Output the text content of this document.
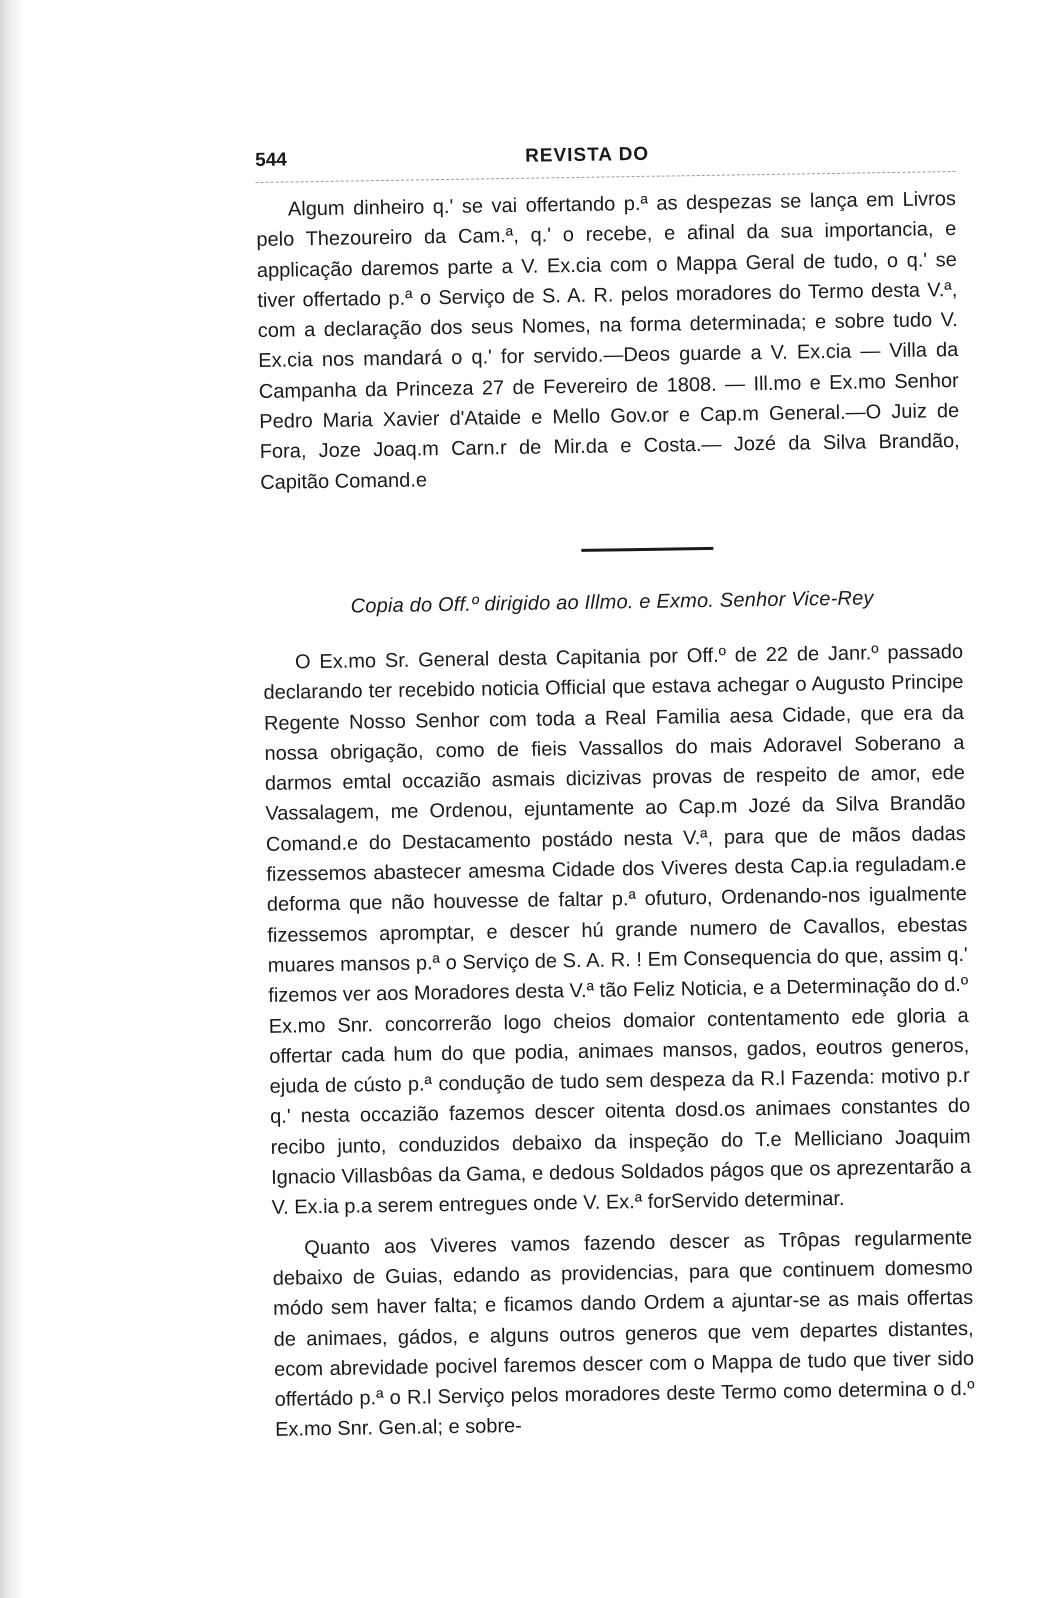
544	REVISTA DO

Algum dinheiro q.' se vai offertando p.ª as despezas se lança em Livros pelo Thezoureiro da Cam.ª, q.' o recebe, e afinal da sua importancia, e applicação daremos parte a V. Ex.cia com o Mappa Geral de tudo, o q.' se tiver offertado p.ª o Serviço de S. A. R. pelos moradores do Termo desta V.ª, com a declaração dos seus Nomes, na forma determinada; e sobre tudo V. Ex.cia nos mandará o q.' for servido.—Deos guarde a V. Ex.cia — Villa da Campanha da Princeza 27 de Fevereiro de 1808. — Ill.mo e Ex.mo Senhor Pedro Maria Xavier d'Ataide e Mello Gov.or e Cap.m General.—O Juiz de Fora, Joze Joaq.m Carn.r de Mir.da e Costa.— Jozé da Silva Brandão, Capitão Comand.e

Copia do Off.º dirigido ao Illmo. e Exmo. Senhor Vice-Rey

O Ex.mo Sr. General desta Capitania por Off.º de 22 de Janr.º passado declarando ter recebido noticia Official que estava achegar o Augusto Principe Regente Nosso Senhor com toda a Real Familia aesa Cidade, que era da nossa obrigação, como de fieis Vassallos do mais Adoravel Soberano a darmos emtal occazião asmais dicizivas provas de respeito de amor, ede Vassalagem, me Ordenou, ejuntamente ao Cap.m Jozé da Silva Brandão Comand.e do Destacamento postádo nesta V.ª, para que de mãos dadas fizessemos abastecer amesma Cidade dos Viveres desta Cap.ia reguladam.e deforma que não houvesse de faltar p.ª ofuturo, Ordenando-nos igualmente fizessemos apromptar, e descer hú grande numero de Cavallos, ebestas muares mansos p.ª o Serviço de S. A. R. ! Em Consequencia do que, assim q.' fizemos ver aos Moradores desta V.ª tão Feliz Noticia, e a Determinação do d.º Ex.mo Snr. concorrerão logo cheios domaior contentamento ede gloria a offertar cada hum do que podia, animaes mansos, gados, eoutros generos, ejuda de cústo p.ª condução de tudo sem despeza da R.l Fazenda: motivo p.r q.' nesta occazião fazemos descer oitenta dosd.os animaes constantes do recibo junto, conduzidos debaixo da inspeção do T.e Melliciano Joaquim Ignacio Villasbôas da Gama, e dedous Soldados págos que os aprezentarão a V. Ex.ia p.a serem entregues onde V. Ex.ª forServido determinar.

Quanto aos Viveres vamos fazendo descer as Trôpas regularmente debaixo de Guias, edando as providencias, para que continuem domesmo módo sem haver falta; e ficamos dando Ordem a ajuntar-se as mais offertas de animaes, gádos, e alguns outros generos que vem departes distantes, ecom abrevidade pocivel faremos descer com o Mappa de tudo que tiver sido offertádo p.ª o R.l Serviço pelos moradores deste Termo como determina o d.º Ex.mo Snr. Gen.al; e sobre-
